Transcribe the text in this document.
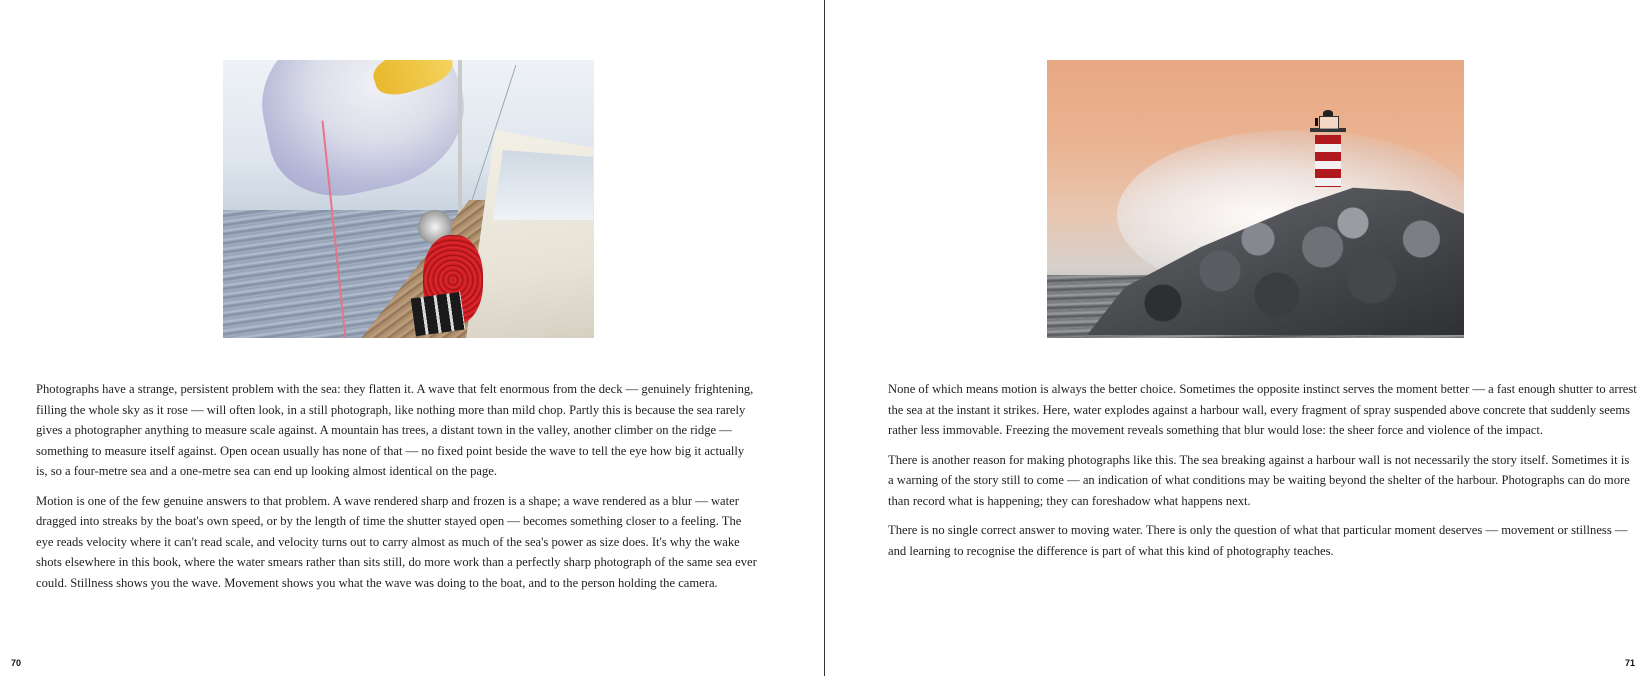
Photographs have a strange, persistent problem with the sea: they flatten it. A wave that felt enormous from the deck — genuinely frightening, filling the whole sky as it rose — will often look, in a still photograph, like nothing more than mild chop. Partly this is because the sea rarely gives a photographer anything to measure scale against. A mountain has trees, a distant town in the valley, another climber on the ridge — something to measure itself against. Open ocean usually has none of that — no fixed point beside the wave to tell the eye how big it actually is, so a four-metre sea and a one-metre sea can end up looking almost identical on the page.

Motion is one of the few genuine answers to that problem. A wave rendered sharp and frozen is a shape; a wave rendered as a blur — water dragged into streaks by the boat's own speed, or by the length of time the shutter stayed open — becomes something closer to a feeling. The eye reads velocity where it can't read scale, and velocity turns out to carry almost as much of the sea's power as size does. It's why the wake shots elsewhere in this book, where the water smears rather than sits still, do more work than a perfectly sharp photograph of the same sea ever could. Stillness shows you the wave. Movement shows you what the wave was doing to the boat, and to the person holding the camera.

70

None of which means motion is always the better choice. Sometimes the opposite instinct serves the moment better — a fast enough shutter to arrest the sea at the instant it strikes. Here, water explodes against a harbour wall, every fragment of spray suspended above concrete that suddenly seems rather less immovable. Freezing the movement reveals something that blur would lose: the sheer force and violence of the impact.

There is another reason for making photographs like this. The sea breaking against a harbour wall is not necessarily the story itself. Sometimes it is a warning of the story still to come — an indication of what conditions may be waiting beyond the shelter of the harbour. Photographs can do more than record what is happening; they can foreshadow what happens next.

There is no single correct answer to moving water. There is only the question of what that particular moment deserves — movement or stillness — and learning to recognise the difference is part of what this kind of photography teaches.

71
